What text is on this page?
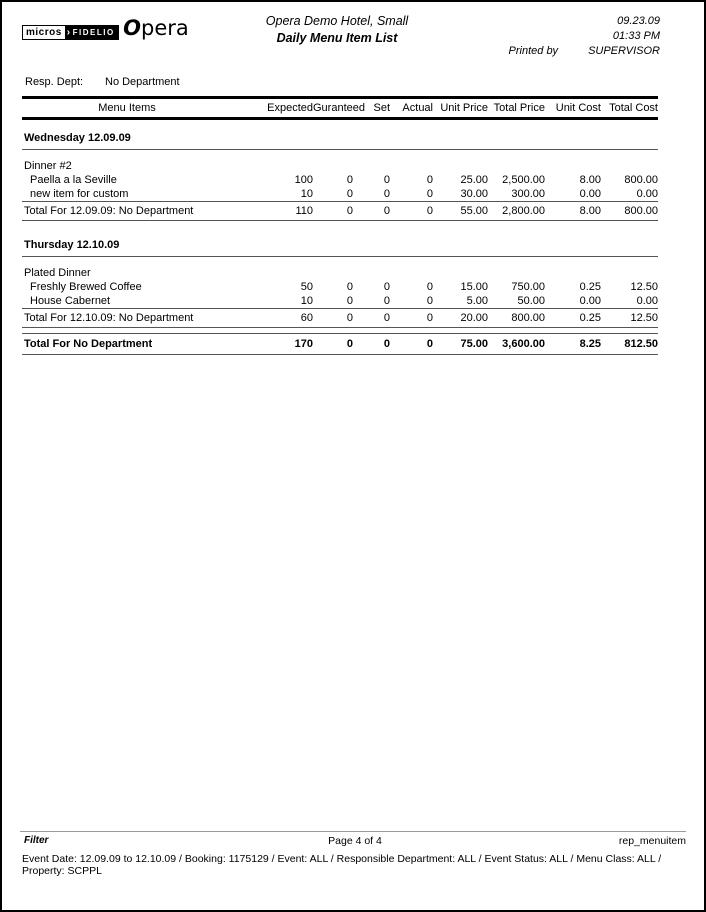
micros ›FIDELIO Opera	Opera Demo Hotel, Small
Daily Menu Item List
09.23.09
01:33 PM
Printed by	SUPERVISOR
Resp. Dept:	No Department
Menu Items	Expected	Guranteed	Set	Actual	Unit Price	Total Price	Unit Cost	Total Cost
Wednesday 12.09.09								
Dinner #2								
Paella a la Seville	100	0	0	0	25.00	2,500.00	8.00	800.00
new item for custom	10	0	0	0	30.00	300.00	0.00	0.00
Total For 12.09.09: No Department	110	0	0	0	55.00	2,800.00	8.00	800.00

Thursday 12.10.09								
Plated Dinner								
Freshly Brewed Coffee	50	0	0	0	15.00	750.00	0.25	12.50
House Cabernet	10	0	0	0	5.00	50.00	0.00	0.00
Total For 12.10.09: No Department	60	0	0	0	20.00	800.00	0.25	12.50

Total For No Department	170	0	0	0	75.00	3,600.00	8.25	812.50
Filter	Page 4 of 4	rep_menuitem
Event Date: 12.09.09 to 12.10.09 / Booking: 1175129 / Event: ALL / Responsible Department: ALL / Event Status: ALL / Menu Class: ALL / Property: SCPPL
